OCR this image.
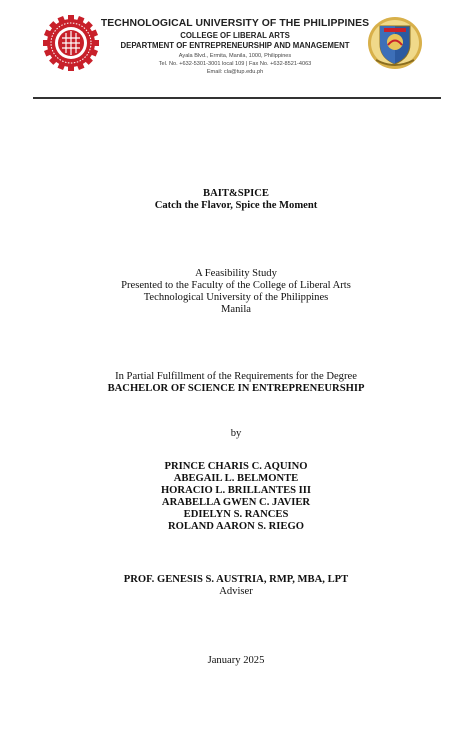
TECHNOLOGICAL UNIVERSITY OF THE PHILIPPINES
COLLEGE OF LIBERAL ARTS
DEPARTMENT OF ENTREPRENEURSHIP AND MANAGEMENT
Ayala Blvd., Ermita, Manila, 1000, Philippines
Tel. No. +632-5301-3001 local 109 | Fax No. +632-8521-4063
Email: cla@tup.edu.ph
BAIT&SPICE
Catch the Flavor, Spice the Moment
A Feasibility Study
Presented to the Faculty of the College of Liberal Arts
Technological University of the Philippines
Manila
In Partial Fulfillment of the Requirements for the Degree
BACHELOR OF SCIENCE IN ENTREPRENEURSHIP
by
PRINCE CHARIS C. AQUINO
ABEGAIL L. BELMONTE
HORACIO L. BRILLANTES III
ARABELLA GWEN C. JAVIER
EDIELYN S. RANCES
ROLAND AARON S. RIEGO
PROF. GENESIS S. AUSTRIA, RMP, MBA, LPT
Adviser
January 2025
